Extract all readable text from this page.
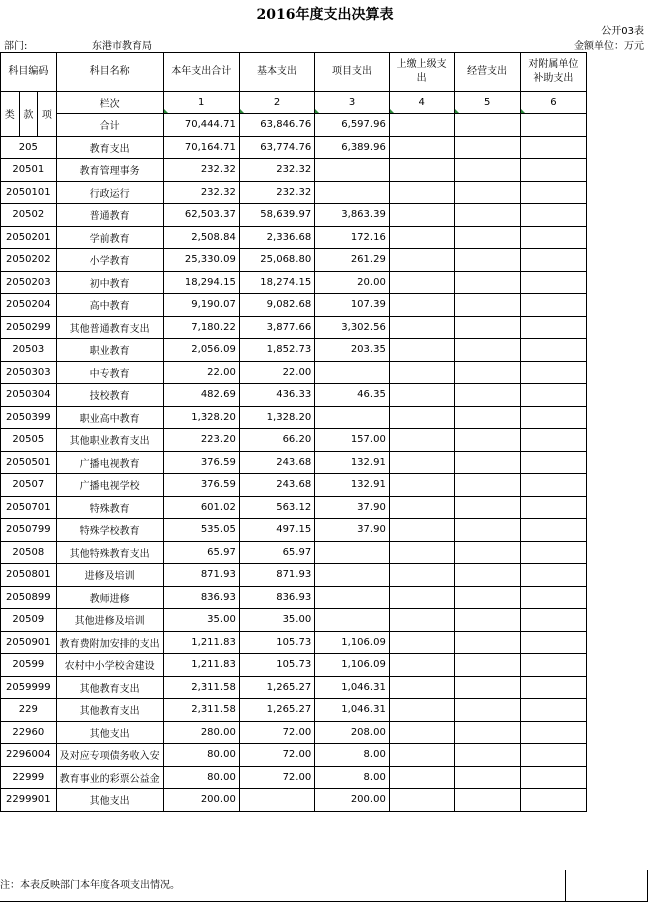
2016年度支出决算表
公开03表
部门:	东港市教育局	金额单位：万元
科目编码			科目名称	本年支出合计	基本支出	项目支出	上缴上级支出	经营支出	对附属单位补助支出
类	款	项	栏次	1	2	3	4	5	6
			合计	70,444.71	63,846.76	6,597.96			
205			教育支出	70,164.71	63,774.76	6,389.96			
20501			教育管理事务	232.32	232.32				
2050101			行政运行	232.32	232.32				
20502			普通教育	62,503.37	58,639.97	3,863.39			
2050201			学前教育	2,508.84	2,336.68	172.16			
2050202			小学教育	25,330.09	25,068.80	261.29			
2050203			初中教育	18,294.15	18,274.15	20.00			
2050204			高中教育	9,190.07	9,082.68	107.39			
2050299			其他普通教育支出	7,180.22	3,877.66	3,302.56			
20503			职业教育	2,056.09	1,852.73	203.35			
2050303			中专教育	22.00	22.00				
2050304			技校教育	482.69	436.33	46.35			
2050399			职业高中教育	1,328.20	1,328.20				
20505			其他职业教育支出	223.20	66.20	157.00			
2050501			广播电视教育	376.59	243.68	132.91			
20507			广播电视学校	376.59	243.68	132.91			
2050701			特殊教育	601.02	563.12	37.90			
2050799			特殊学校教育	535.05	497.15	37.90			
20508			其他特殊教育支出	65.97	65.97				
2050801			进修及培训	871.93	871.93				
2050899			教师进修	836.93	836.93				
20509			其他进修及培训	35.00	35.00				
2050901			教育费附加安排的支出	1,211.83	105.73	1,106.09			
20599			农村中小学校舍建设	1,211.83	105.73	1,106.09			
2059999			其他教育支出	2,311.58	1,265.27	1,046.31			
229			其他教育支出	2,311.58	1,265.27	1,046.31			
22960			其他支出	280.00	72.00	208.00			
2296004			及对应专项债务收入安	80.00	72.00	8.00			
22999			教育事业的彩票公益金	80.00	72.00	8.00			
2299901			其他支出	200.00		200.00			
注：本表反映部门本年度各项支出情况。
